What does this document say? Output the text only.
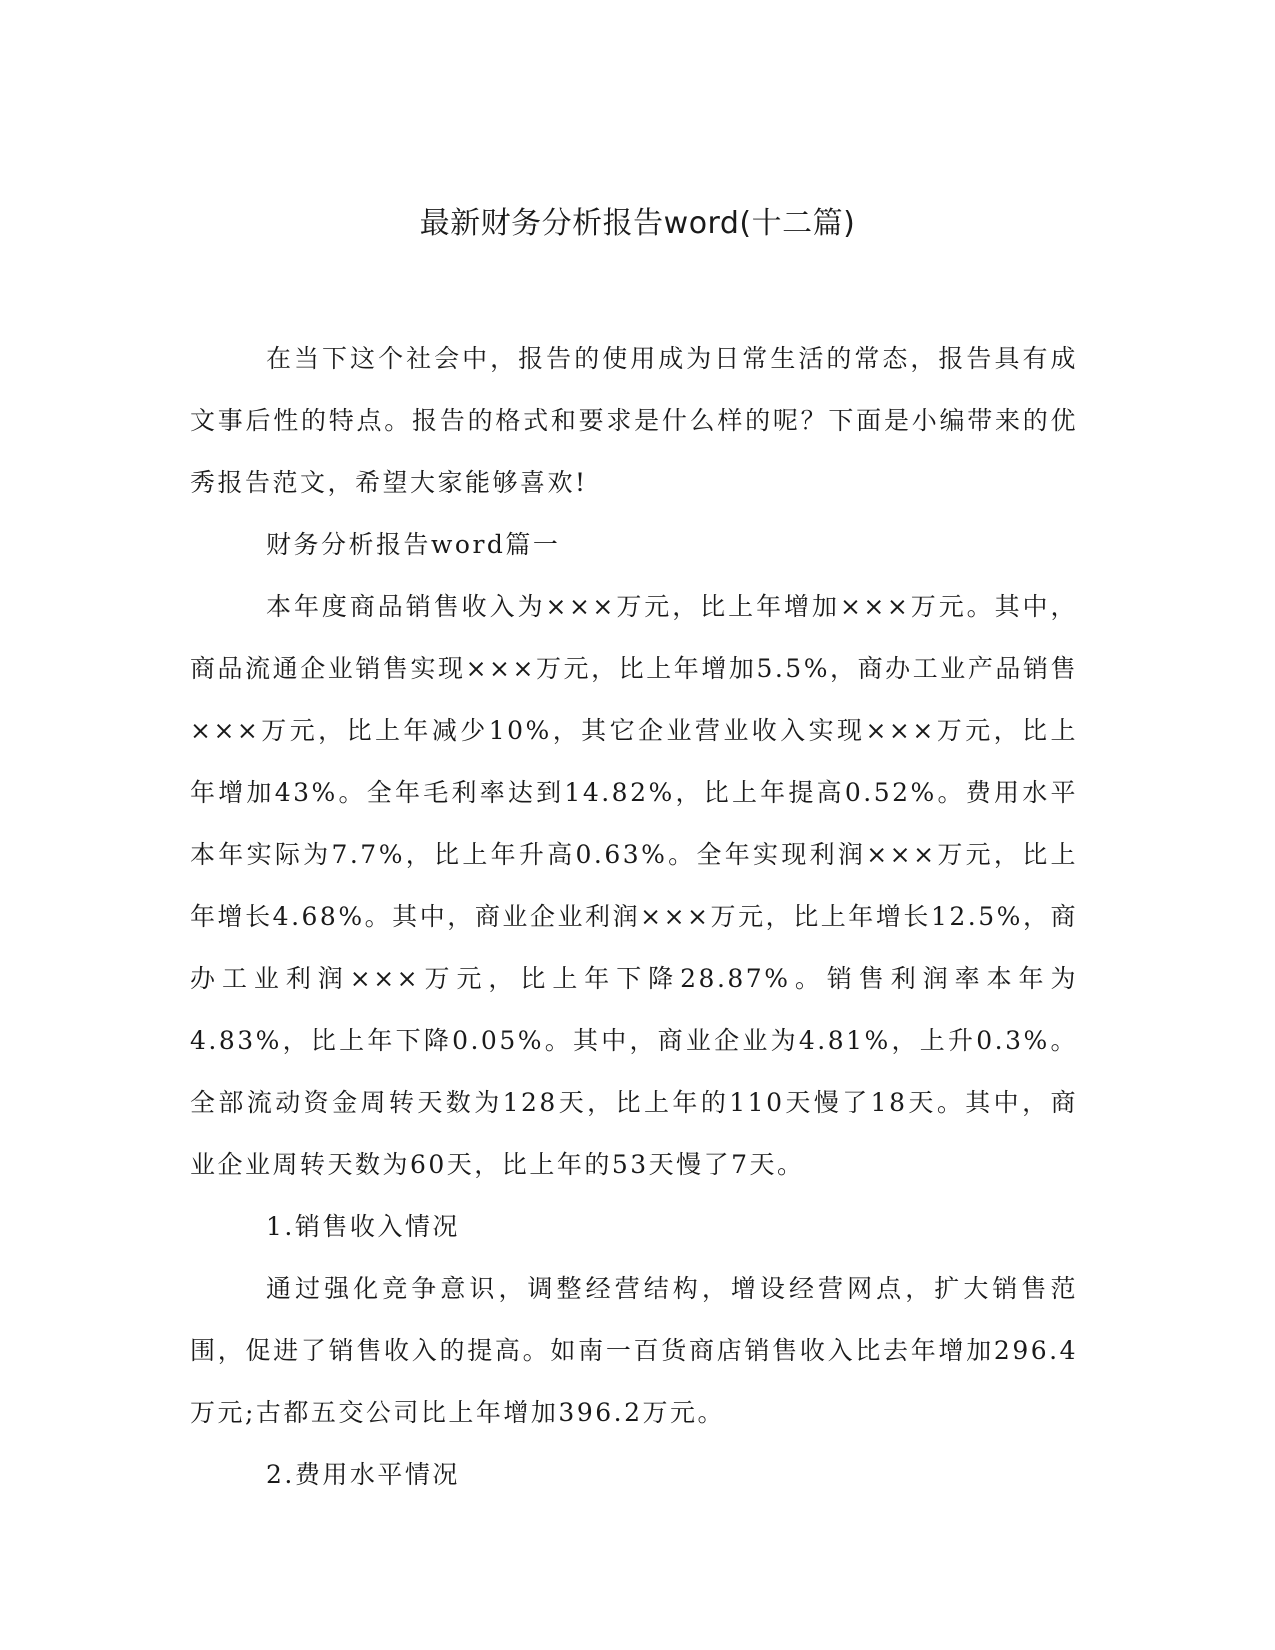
最新财务分析报告word(十二篇)

在当下这个社会中，报告的使用成为日常生活的常态，报告具有成文事后性的特点。报告的格式和要求是什么样的呢？下面是小编带来的优秀报告范文，希望大家能够喜欢!

财务分析报告word篇一

本年度商品销售收入为×××万元，比上年增加×××万元。其中，商品流通企业销售实现×××万元，比上年增加5.5%，商办工业产品销售×××万元，比上年减少10%，其它企业营业收入实现×××万元，比上年增加43%。全年毛利率达到14.82%，比上年提高0.52%。费用水平本年实际为7.7%，比上年升高0.63%。全年实现利润×××万元，比上年增长4.68%。其中，商业企业利润×××万元，比上年增长12.5%，商办工业利润×××万元，比上年下降28.87%。销售利润率本年为4.83%，比上年下降0.05%。其中，商业企业为4.81%，上升0.3%。全部流动资金周转天数为128天，比上年的110天慢了18天。其中，商业企业周转天数为60天，比上年的53天慢了7天。

1.销售收入情况

通过强化竞争意识，调整经营结构，增设经营网点，扩大销售范围，促进了销售收入的提高。如南一百货商店销售收入比去年增加296.4万元;古都五交公司比上年增加396.2万元。

2.费用水平情况
